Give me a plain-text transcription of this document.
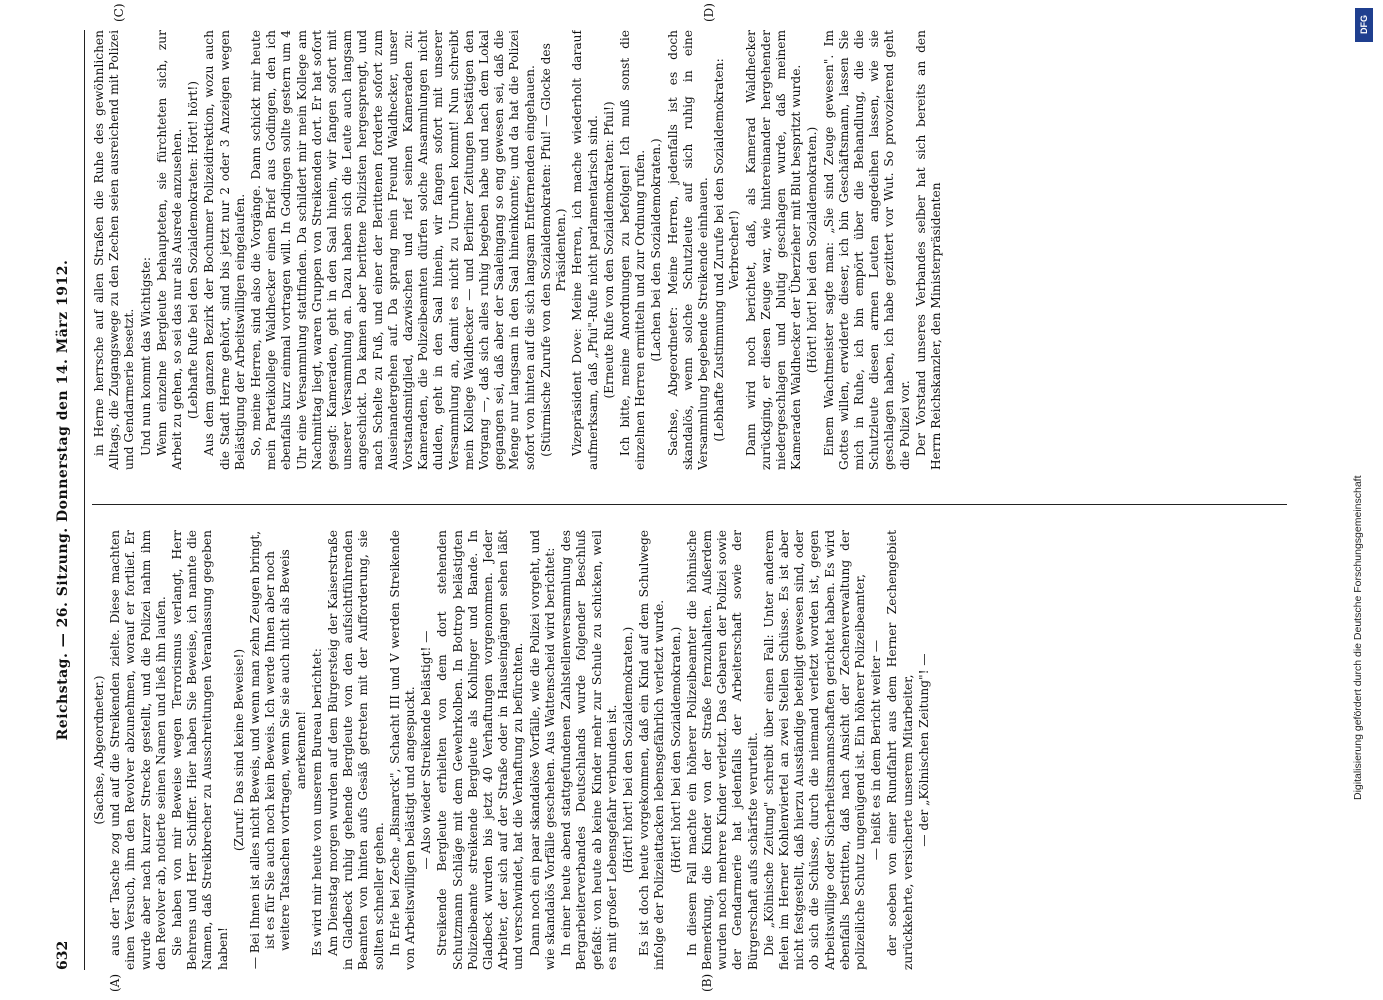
632
Reichstag. — 26. Sitzung. Donnerstag den 14. März 1912.
(A)	(B)
(C)	(D)

(Sachse, Abgeordneter.) aus der Tasche zog und auf die Streikenden zielte. Diese machten einen Versuch, ihm den Revolver abzunehmen, worauf er fortlief. Er wurde aber nach kurzer Strecke gestellt, und die Polizei nahm ihm den Revolver ab, notierte seinen Namen und ließ ihn laufen. Sie haben von mir Beweise wegen Terrorismus verlangt, Herr Behrens und Herr Schiffer. Hier haben Sie Beweise, ich nannte die Namen, daß Streikbrecher zu Ausschreitungen Veranlassung gegeben haben!

(Zuruf: Das sind keine Beweise!) — Bei Ihnen ist alles nicht Beweis, und wenn man zehn Zeugen bringt, ist es für Sie auch noch kein Beweis. Ich werde Ihnen aber noch weitere Tatsachen vortragen, wenn Sie sie auch nicht als Beweis anerkennen! Es wird mir heute von unserem Bureau berichtet: Am Dienstag morgen wurden auf dem Bürgersteig der Kaiserstraße in Gladbeck ruhig gehende Bergleute von den aufsichtführenden Beamten von hinten aufs Gesäß getreten mit der Aufforderung, sie sollten schneller gehen. In Erle bei Zeche „Bismarck", Schacht III und V werden Streikende von Arbeitswilligen belästigt und angespuckt. — Also wieder Streikende belästigt! — Streikende Bergleute erhielten von dem dort stehenden Schutzmann Schläge mit dem Gewehrkolben. In Bottrop belästigten Polizeibeamte streikende Bergleute als Kohlinger und Bande. In Gladbeck wurden bis jetzt 40 Verhaftungen vorgenommen. Jeder Arbeiter, der sich auf der Straße oder in Hauseingängen sehen läßt und verschwindet, hat die Verhaftung zu befürchten. Dann noch ein paar skandalöse Vorfälle, wie die Polizei vorgeht, und wie skandalös Vorfälle geschehen. Aus Wattenscheid wird berichtet: In einer heute abend stattgefundenen Zahlstellenversammlung des Bergarbeiterverbandes Deutschlands wurde folgender Beschluß gefaßt: von heute ab keine Kinder mehr zur Schule zu schicken, weil es mit großer Lebensgefahr verbunden ist. (Hört! hört! bei den Sozialdemokraten.) Es ist doch heute vorgekommen, daß ein Kind auf dem Schulwege infolge der Polizeiattacken lebensgefährlich verletzt wurde. (Hört! hört! bei den Sozialdemokraten.) In diesem Fall machte ein höherer Polizeibeamter die höhnische Bemerkung, die Kinder von der Straße fernzuhalten. Außerdem wurden noch mehrere Kinder verletzt. Das Gebaren der Polizei sowie der Gendarmerie hat jedenfalls der Arbeiterschaft sowie der Bürgerschaft aufs schärfste verurteilt. Die „Kölnische Zeitung" schreibt über einen Fall: Unter anderem fielen im Herner Kohlenviertel an zwei Stellen Schüsse. Es ist aber nicht festgestellt, daß hierzu Ausständige beteiligt gewesen sind, oder ob sich die Schüsse, durch die niemand verletzt worden ist, gegen Arbeitswillige oder Sicherheitsmannschaften gerichtet haben. Es wird ebenfalls bestritten, daß nach Ansicht der Zechenverwaltung der polizeiliche Schutz ungenügend ist. Ein höherer Polizeibeamter, — heißt es in dem Bericht weiter — der soeben von einer Rundfahrt aus dem Herner Zechengebiet zurückkehrte, versicherte unserem Mitarbeiter, — der „Kölnischen Zeitung"! —

in Herne herrsche auf allen Straßen die Ruhe des gewöhnlichen Alltags, die Zugangswege zu den Zechen seien ausreichend mit Polizei und Gendarmerie besetzt. Und nun kommt das Wichtigste: Wenn einzelne Bergleute behaupteten, sie fürchteten sich, zur Arbeit zu gehen, so sei das nur als Ausrede anzusehen. (Lebhafte Rufe bei den Sozialdemokraten: Hört! hört!) Aus dem ganzen Bezirk der Bochumer Polizeidirektion, wozu auch die Stadt Herne gehört, sind bis jetzt nur 2 oder 3 Anzeigen wegen Belästigung der Arbeitswilligen eingelaufen. So, meine Herren, sind also die Vorgänge. Dann schickt mir heute mein Parteikollege Waldhecker einen Brief aus Godingen, den ich ebenfalls kurz einmal vortragen will. In Godingen sollte gestern um 4 Uhr eine Versammlung stattfinden. Da schildert mir mein Kollege am Nachmittag liegt, waren Gruppen von Streikenden dort. Er hat sofort gesagt: Kameraden, geht in den Saal hinein, wir fangen sofort mit unserer Versammlung an. Dazu haben sich die Leute auch langsam angeschickt. Da kamen aber berittene Polizisten hergesprengt, und nach Schelte zu Fuß, und einer der Berittenen forderte sofort zum Auseinandergehen auf. Da sprang mein Freund Waldhecker, unser Vorstandsmitglied, dazwischen und rief seinen Kameraden zu: Kameraden, die Polizeibeamten dürfen solche Ansammlungen nicht dulden, geht in den Saal hinein, wir fangen sofort mit unserer Versammlung an, damit es nicht zu Unruhen kommt! Nun schreibt mein Kollege Waldhecker — und Berliner Zeitungen bestätigen den Vorgang —, daß sich alles ruhig begeben habe und nach dem Lokal gegangen sei, daß aber der Saaleingang so eng gewesen sei, daß die Menge nur langsam in den Saal hineinkonnte; und da hat die Polizei sofort von hinten auf die sich langsam Entfernenden eingehauen. (Stürmische Zurufe von den Sozialdemokraten: Pfui! — Glocke des Präsidenten.) Vizepräsident Dove: Meine Herren, ich mache wiederholt darauf aufmerksam, daß „Pfui"-Rufe nicht parlamentarisch sind. (Erneute Rufe von den Sozialdemokraten: Pfui!) Ich bitte, meine Anordnungen zu befolgen! Ich muß sonst die einzelnen Herren ermitteln und zur Ordnung rufen. (Lachen bei den Sozialdemokraten.) Sachse, Abgeordneter: Meine Herren, jedenfalls ist es doch skandalös, wenn solche Schutzleute auf sich ruhig in eine Versammlung begebende Streikende einhauen. (Lebhafte Zustimmung und Zurufe bei den Sozialdemokraten: Verbrecher!) Dann wird noch berichtet, daß, als Kamerad Waldhecker zurückging, er diesen Zeuge war, wie hintereinander hergehender niedergeschlagen und blutig geschlagen wurde, daß meinem Kameraden Waldhecker der Überzieher mit Blut bespritzt wurde. (Hört! hört! bei den Sozialdemokraten.) Einem Wachtmeister sagte man: „Sie sind Zeuge gewesen". Im Gottes willen, erwiderte dieser, ich bin Geschäftsmann, lassen Sie mich in Ruhe, ich bin empört über die Behandlung, die die Schutzleute diesen armen Leuten angedeihen lassen, wie sie geschlagen haben, ich habe gezittert vor Wut. So provozierend geht die Polizei vor. Der Vorstand unseres Verbandes selber hat sich bereits an den Herrn Reichskanzler, den Ministerpräsidenten

DFG
Digitalisierung gefördert durch die Deutsche Forschungsgemeinschaft
